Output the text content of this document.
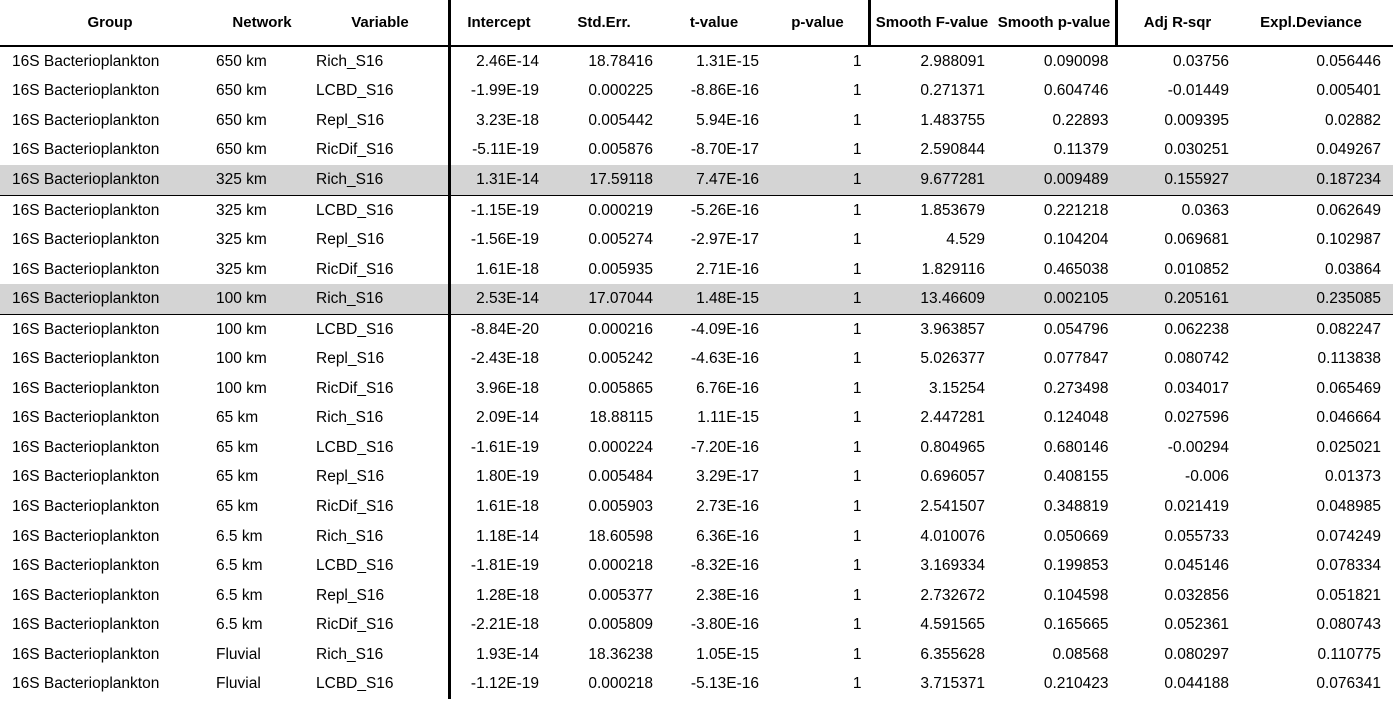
Group	Network	Variable	Intercept	Std.Err.	t-value	p-value	Smooth F-value	Smooth p-value	Adj R-sqr	Expl.Deviance
16S Bacterioplankton	650 km	Rich_S16	2.46E-14	18.78416	1.31E-15	1	2.988091	0.090098	0.03756	0.056446
16S Bacterioplankton	650 km	LCBD_S16	-1.99E-19	0.000225	-8.86E-16	1	0.271371	0.604746	-0.01449	0.005401
16S Bacterioplankton	650 km	Repl_S16	3.23E-18	0.005442	5.94E-16	1	1.483755	0.22893	0.009395	0.02882
16S Bacterioplankton	650 km	RicDif_S16	-5.11E-19	0.005876	-8.70E-17	1	2.590844	0.11379	0.030251	0.049267
16S Bacterioplankton	325 km	Rich_S16	1.31E-14	17.59118	7.47E-16	1	9.677281	0.009489	0.155927	0.187234
16S Bacterioplankton	325 km	LCBD_S16	-1.15E-19	0.000219	-5.26E-16	1	1.853679	0.221218	0.0363	0.062649
16S Bacterioplankton	325 km	Repl_S16	-1.56E-19	0.005274	-2.97E-17	1	4.529	0.104204	0.069681	0.102987
16S Bacterioplankton	325 km	RicDif_S16	1.61E-18	0.005935	2.71E-16	1	1.829116	0.465038	0.010852	0.03864
16S Bacterioplankton	100 km	Rich_S16	2.53E-14	17.07044	1.48E-15	1	13.46609	0.002105	0.205161	0.235085
16S Bacterioplankton	100 km	LCBD_S16	-8.84E-20	0.000216	-4.09E-16	1	3.963857	0.054796	0.062238	0.082247
16S Bacterioplankton	100 km	Repl_S16	-2.43E-18	0.005242	-4.63E-16	1	5.026377	0.077847	0.080742	0.113838
16S Bacterioplankton	100 km	RicDif_S16	3.96E-18	0.005865	6.76E-16	1	3.15254	0.273498	0.034017	0.065469
16S Bacterioplankton	65 km	Rich_S16	2.09E-14	18.88115	1.11E-15	1	2.447281	0.124048	0.027596	0.046664
16S Bacterioplankton	65 km	LCBD_S16	-1.61E-19	0.000224	-7.20E-16	1	0.804965	0.680146	-0.00294	0.025021
16S Bacterioplankton	65 km	Repl_S16	1.80E-19	0.005484	3.29E-17	1	0.696057	0.408155	-0.006	0.01373
16S Bacterioplankton	65 km	RicDif_S16	1.61E-18	0.005903	2.73E-16	1	2.541507	0.348819	0.021419	0.048985
16S Bacterioplankton	6.5 km	Rich_S16	1.18E-14	18.60598	6.36E-16	1	4.010076	0.050669	0.055733	0.074249
16S Bacterioplankton	6.5 km	LCBD_S16	-1.81E-19	0.000218	-8.32E-16	1	3.169334	0.199853	0.045146	0.078334
16S Bacterioplankton	6.5 km	Repl_S16	1.28E-18	0.005377	2.38E-16	1	2.732672	0.104598	0.032856	0.051821
16S Bacterioplankton	6.5 km	RicDif_S16	-2.21E-18	0.005809	-3.80E-16	1	4.591565	0.165665	0.052361	0.080743
16S Bacterioplankton	Fluvial	Rich_S16	1.93E-14	18.36238	1.05E-15	1	6.355628	0.08568	0.080297	0.110775
16S Bacterioplankton	Fluvial	LCBD_S16	-1.12E-19	0.000218	-5.13E-16	1	3.715371	0.210423	0.044188	0.076341
